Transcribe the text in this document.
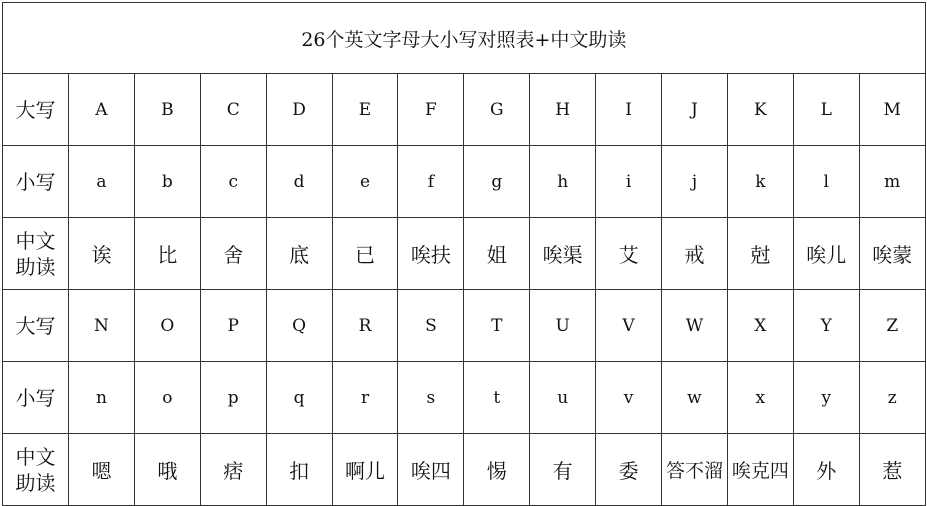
26个英文字母大小写对照表+中文助读													
大写	A	B	C	D	E	F	G	H	I	J	K	L	M
小写	a	b	c	d	e	f	g	h	i	j	k	l	m

中文
助读	诶	比	舍	底	已	唉扶	姐	唉渠	艾	戒	尅	唉儿	唉蒙
大写	N	O	P	Q	R	S	T	U	V	W	X	Y	Z
小写	n	o	p	q	r	s	t	u	v	w	x	y	z

中文
助读	嗯	哦	痞	扣	啊儿	唉四	惕	有	委	答不溜	唉克四	外	惹
